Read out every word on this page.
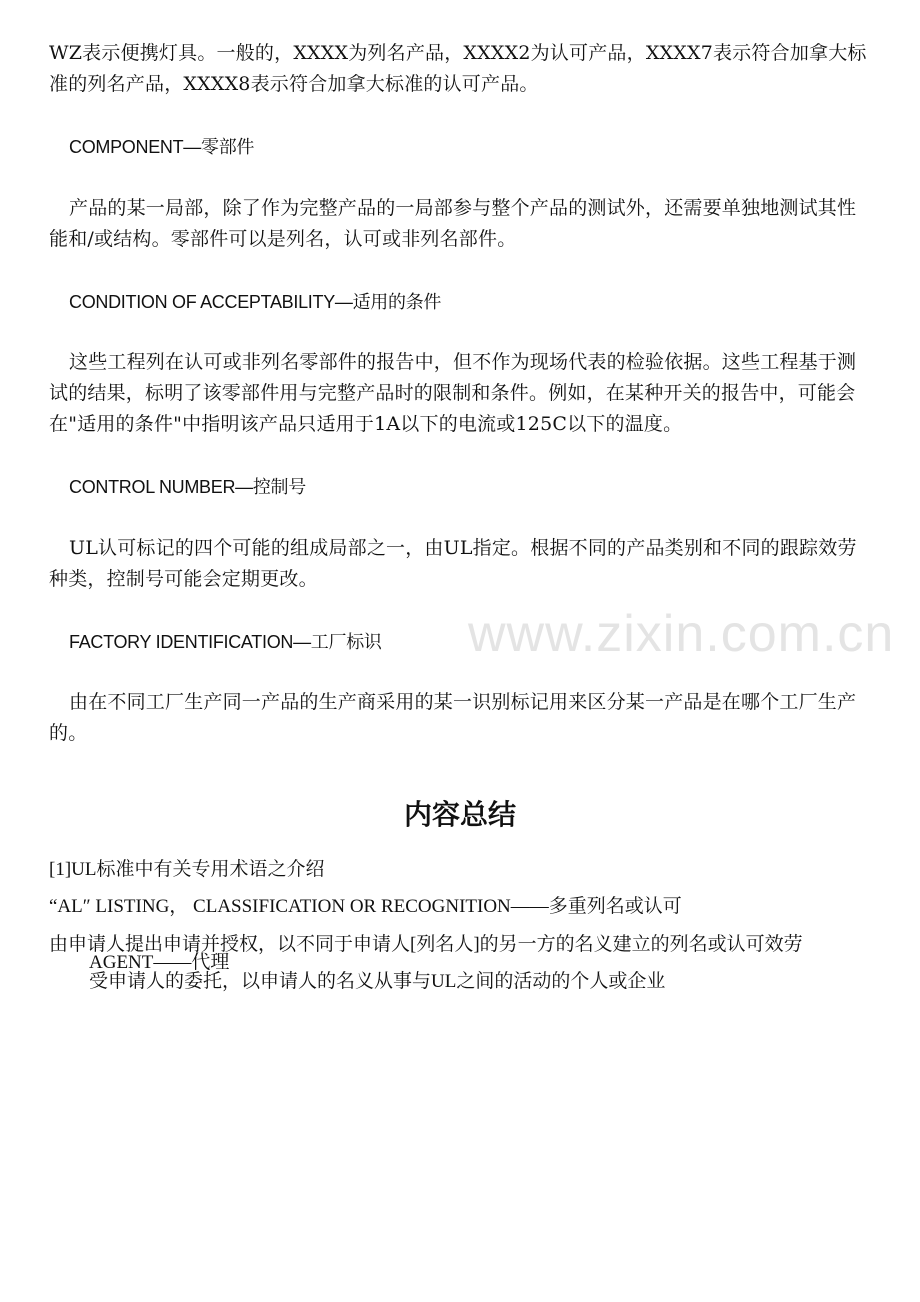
www.zixin.com.cn

WZ表示便携灯具。一般的，XXXX为列名产品，XXXX2为认可产品，XXXX7表示符合加拿大标准的列名产品，XXXX8表示符合加拿大标准的认可产品。

COMPONENT—零部件

产品的某一局部，除了作为完整产品的一局部参与整个产品的测试外，还需要单独地测试其性能和/或结构。零部件可以是列名，认可或非列名部件。

CONDITION OF ACCEPTABILITY—适用的条件

这些工程列在认可或非列名零部件的报告中，但不作为现场代表的检验依据。这些工程基于测试的结果，标明了该零部件用与完整产品时的限制和条件。例如，在某种开关的报告中，可能会在"适用的条件"中指明该产品只适用于1A以下的电流或125C以下的温度。

CONTROL NUMBER—控制号

UL认可标记的四个可能的组成局部之一，由UL指定。根据不同的产品类别和不同的跟踪效劳种类，控制号可能会定期更改。

FACTORY IDENTIFICATION—工厂标识

由在不同工厂生产同一产品的生产商采用的某一识别标记用来区分某一产品是在哪个工厂生产的。

内容总结

[1]UL标准中有关专用术语之介绍

“AL″ LISTING， CLASSIFICATION OR RECOGNITION——多重列名或认可

由申请人提出申请并授权，以不同于申请人[列名人]的另一方的名义建立的列名或认可效劳

AGENT——代理

受申请人的委托，以申请人的名义从事与UL之间的活动的个人或企业
